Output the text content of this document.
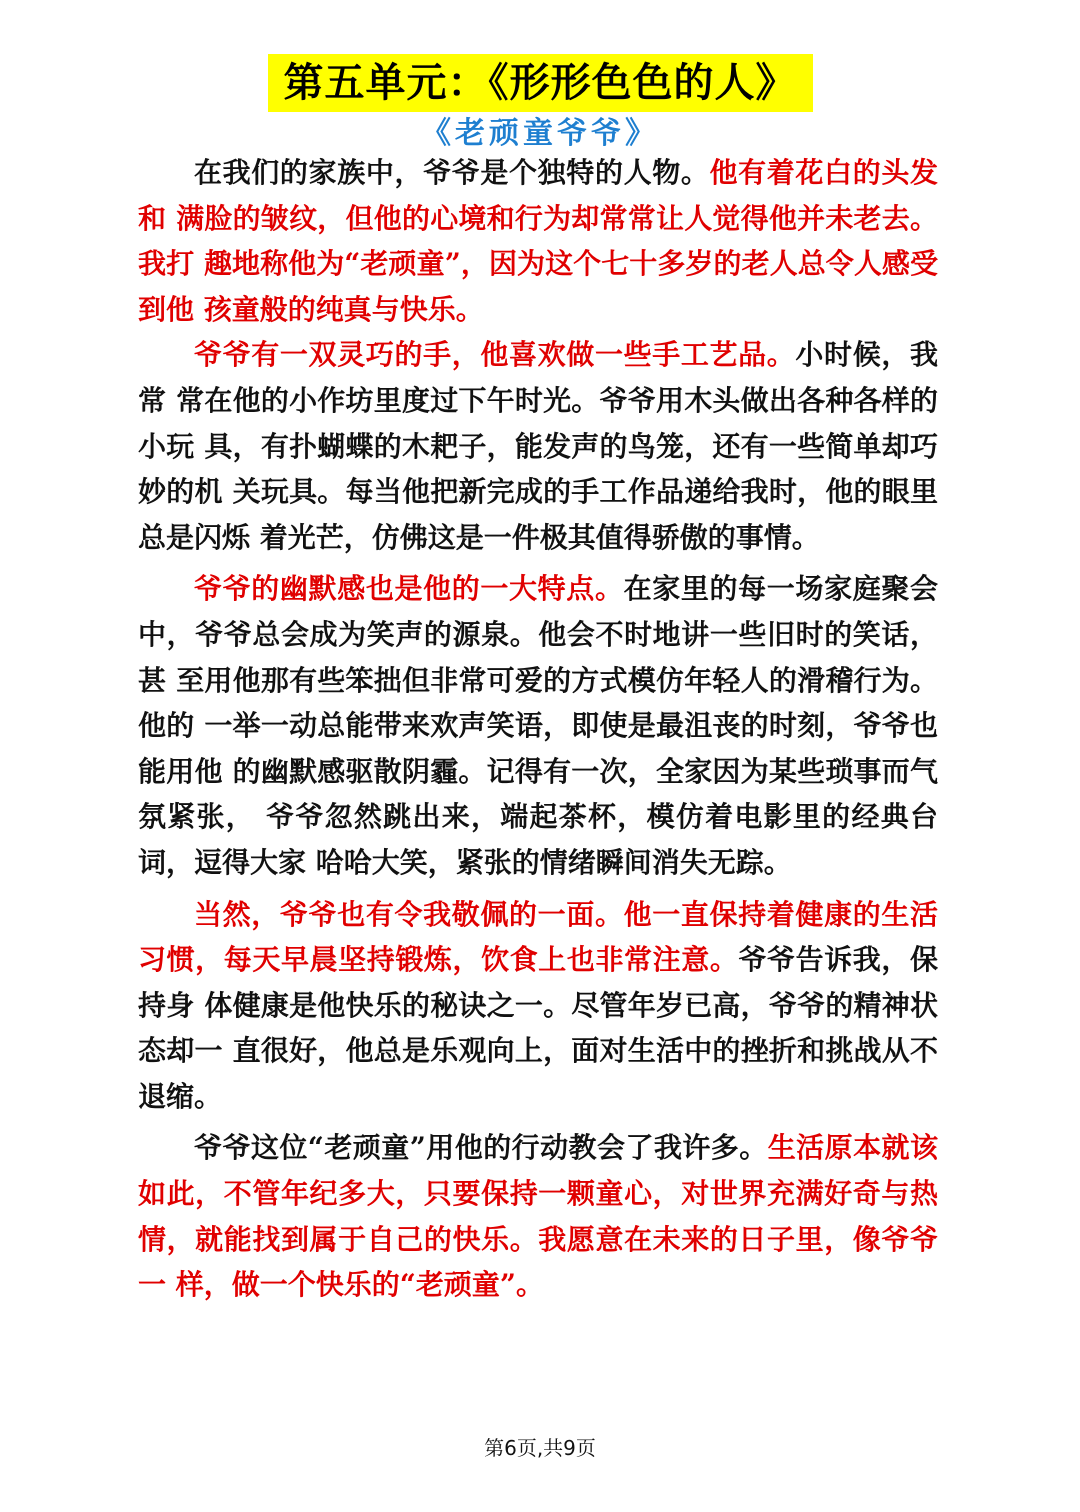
第五单元：《形形色色的人》
《老顽童爷爷》

在我们的家族中，爷爷是个独特的人物。他有着花白的头发和 满脸的皱纹，但他的心境和行为却常常让人觉得他并未老去。我打 趣地称他为“老顽童”，因为这个七十多岁的老人总令人感受到他 孩童般的纯真与快乐。

爷爷有一双灵巧的手，他喜欢做一些手工艺品。小时候，我常 常在他的小作坊里度过下午时光。爷爷用木头做出各种各样的小玩 具，有扑蝴蝶的木耙子，能发声的鸟笼，还有一些简单却巧妙的机 关玩具。每当他把新完成的手工作品递给我时，他的眼里总是闪烁 着光芒，仿佛这是一件极其值得骄傲的事情。

爷爷的幽默感也是他的一大特点。在家里的每一场家庭聚会 中，爷爷总会成为笑声的源泉。他会不时地讲一些旧时的笑话，甚 至用他那有些笨拙但非常可爱的方式模仿年轻人的滑稽行为。他的 一举一动总能带来欢声笑语，即使是最沮丧的时刻，爷爷也能用他 的幽默感驱散阴霾。记得有一次，全家因为某些琐事而气氛紧张， 爷爷忽然跳出来，端起茶杯，模仿着电影里的经典台词，逗得大家 哈哈大笑，紧张的情绪瞬间消失无踪。

当然，爷爷也有令我敬佩的一面。他一直保持着健康的生活习惯，每天早晨坚持锻炼，饮食上也非常注意。爷爷告诉我，保持身 体健康是他快乐的秘诀之一。尽管年岁已高，爷爷的精神状态却一 直很好，他总是乐观向上，面对生活中的挫折和挑战从不退缩。

爷爷这位“老顽童”用他的行动教会了我许多。生活原本就该 如此，不管年纪多大，只要保持一颗童心，对世界充满好奇与热 情，就能找到属于自己的快乐。我愿意在未来的日子里，像爷爷一 样，做一个快乐的“老顽童”。

第6页,共9页
